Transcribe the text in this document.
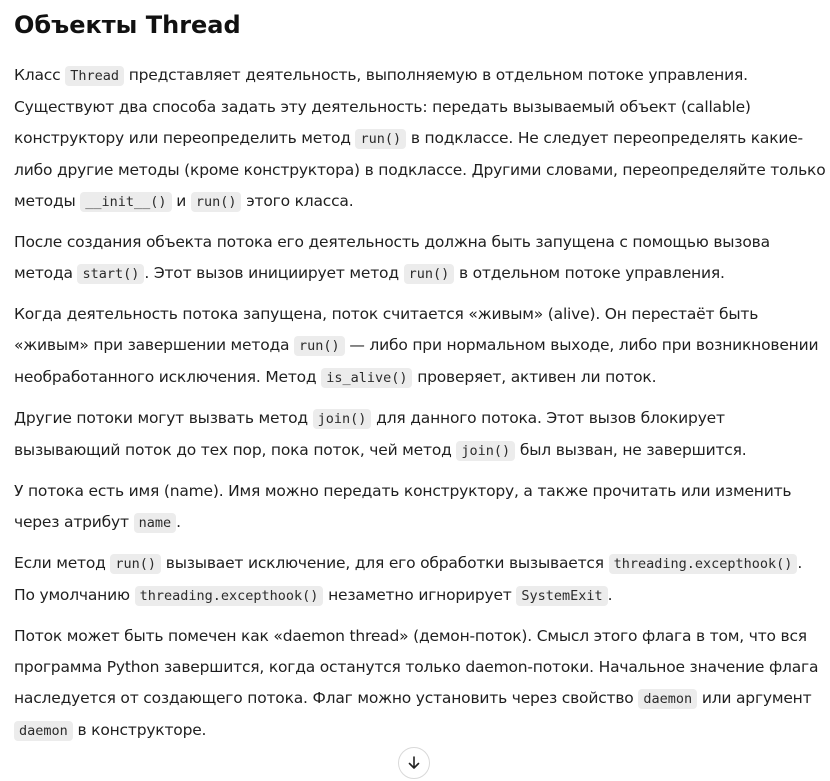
Объекты Thread

Класс Thread представляет деятельность, выполняемую в отдельном потоке управления. Существуют два способа задать эту деятельность: передать вызываемый объект (callable) конструктору или переопределить метод run() в подклассе. Не следует переопределять какие-либо другие методы (кроме конструктора) в подклассе. Другими словами, переопределяйте только методы __init__() и run() этого класса.

После создания объекта потока его деятельность должна быть запущена с помощью вызова метода start() . Этот вызов инициирует метод run() в отдельном потоке управления.

Когда деятельность потока запущена, поток считается «живым» (alive). Он перестаёт быть «живым» при завершении метода run() — либо при нормальном выходе, либо при возникновении необработанного исключения. Метод is_alive() проверяет, активен ли поток.

Другие потоки могут вызвать метод join() для данного потока. Этот вызов блокирует вызывающий поток до тех пор, пока поток, чей метод join() был вызван, не завершится.

У потока есть имя (name). Имя можно передать конструктору, а также прочитать или изменить через атрибут name .

Если метод run() вызывает исключение, для его обработки вызывается threading.excepthook() . По умолчанию threading.excepthook() незаметно игнорирует SystemExit .

Поток может быть помечен как «daemon thread» (демон-поток). Смысл этого флага в том, что вся программа Python завершится, когда останутся только daemon-потоки. Начальное значение флага наследуется от создающего потока. Флаг можно установить через свойство daemon или аргумент daemon в конструкторе.
